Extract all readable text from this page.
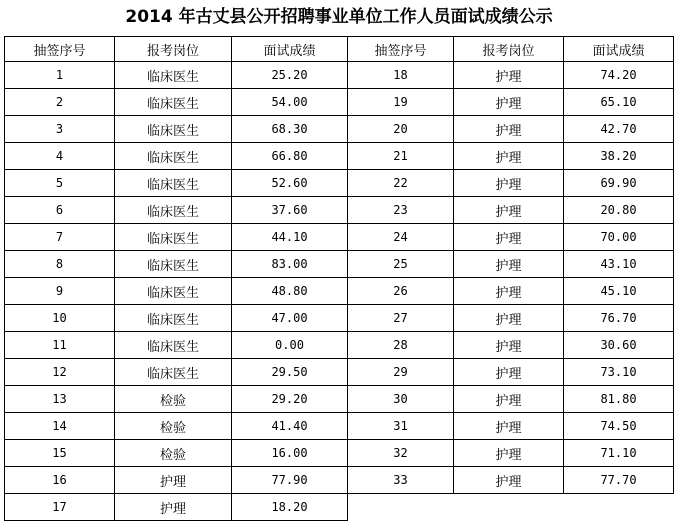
2014 年古丈县公开招聘事业单位工作人员面试成绩公示
抽签序号	报考岗位	面试成绩	抽签序号	报考岗位	面试成绩
1	临床医生	25.20	18	护理	74.20
2	临床医生	54.00	19	护理	65.10
3	临床医生	68.30	20	护理	42.70
4	临床医生	66.80	21	护理	38.20
5	临床医生	52.60	22	护理	69.90
6	临床医生	37.60	23	护理	20.80
7	临床医生	44.10	24	护理	70.00
8	临床医生	83.00	25	护理	43.10
9	临床医生	48.80	26	护理	45.10
10	临床医生	47.00	27	护理	76.70
11	临床医生	0.00	28	护理	30.60
12	临床医生	29.50	29	护理	73.10
13	检验	29.20	30	护理	81.80
14	检验	41.40	31	护理	74.50
15	检验	16.00	32	护理	71.10
16	护理	77.90	33	护理	77.70
17	护理	18.20			
